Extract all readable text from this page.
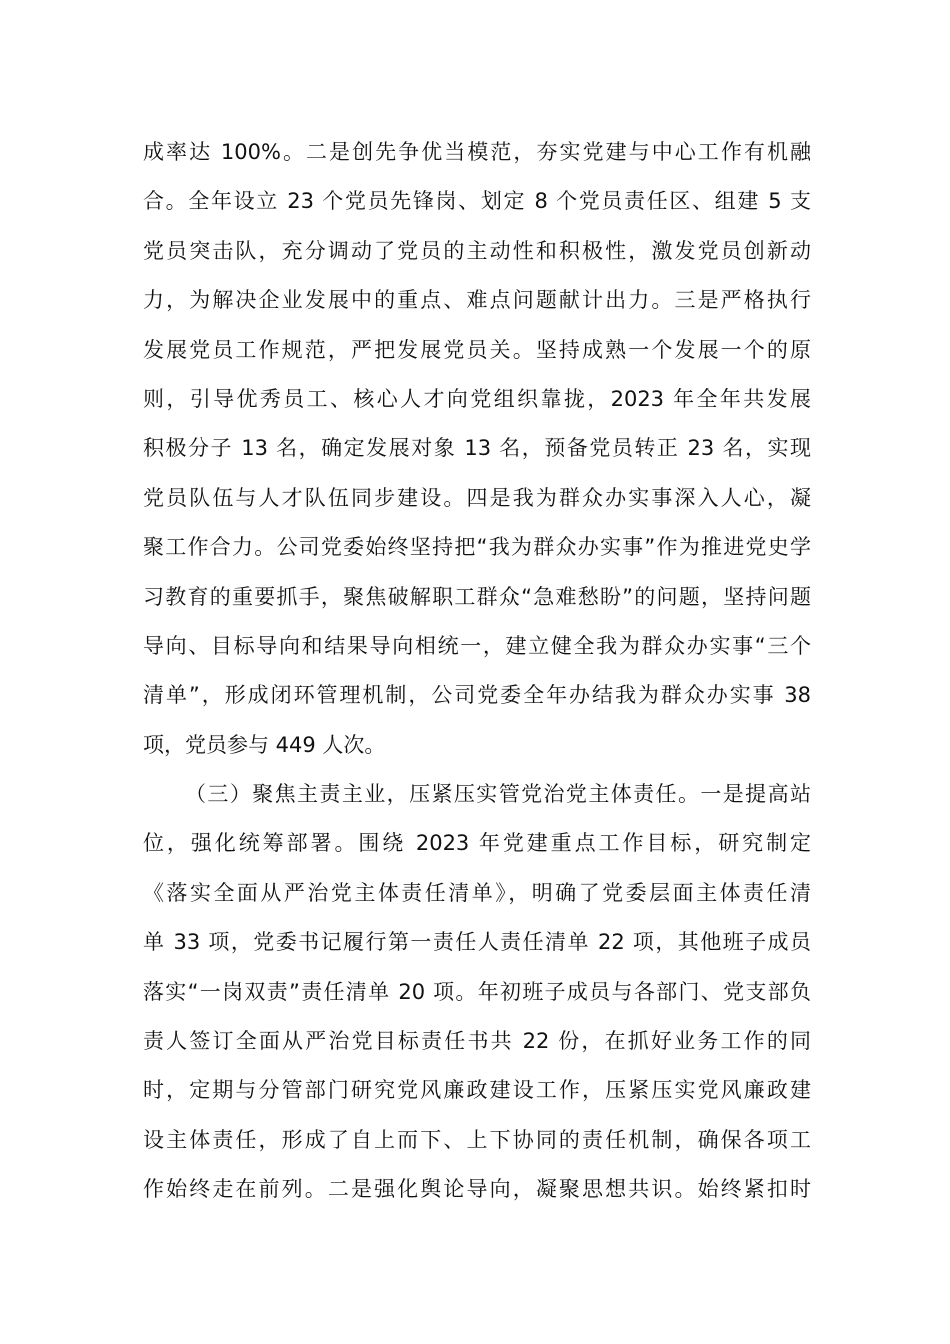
成率达 100%。二是创先争优当模范，夯实党建与中心工作有机融
合。全年设立 23 个党员先锋岗、划定 8 个党员责任区、组建 5 支
党员突击队，充分调动了党员的主动性和积极性，激发党员创新动
力，为解决企业发展中的重点、难点问题献计出力。三是严格执行
发展党员工作规范，严把发展党员关。坚持成熟一个发展一个的原
则，引导优秀员工、核心人才向党组织靠拢，2023 年全年共发展
积极分子 13 名，确定发展对象 13 名，预备党员转正 23 名，实现
党员队伍与人才队伍同步建设。四是我为群众办实事深入人心，凝
聚工作合力。公司党委始终坚持把“我为群众办实事”作为推进党史学
习教育的重要抓手，聚焦破解职工群众“急难愁盼”的问题，坚持问题
导向、目标导向和结果导向相统一，建立健全我为群众办实事“三个
清单”，形成闭环管理机制，公司党委全年办结我为群众办实事 38
项，党员参与 449 人次。
（三）聚焦主责主业，压紧压实管党治党主体责任。一是提高站
位，强化统筹部署。围绕 2023 年党建重点工作目标，研究制定
《落实全面从严治党主体责任清单》，明确了党委层面主体责任清
单 33 项，党委书记履行第一责任人责任清单 22 项，其他班子成员
落实“一岗双责”责任清单 20 项。年初班子成员与各部门、党支部负
责人签订全面从严治党目标责任书共 22 份，在抓好业务工作的同
时，定期与分管部门研究党风廉政建设工作，压紧压实党风廉政建
设主体责任，形成了自上而下、上下协同的责任机制，确保各项工
作始终走在前列。二是强化舆论导向，凝聚思想共识。始终紧扣时
